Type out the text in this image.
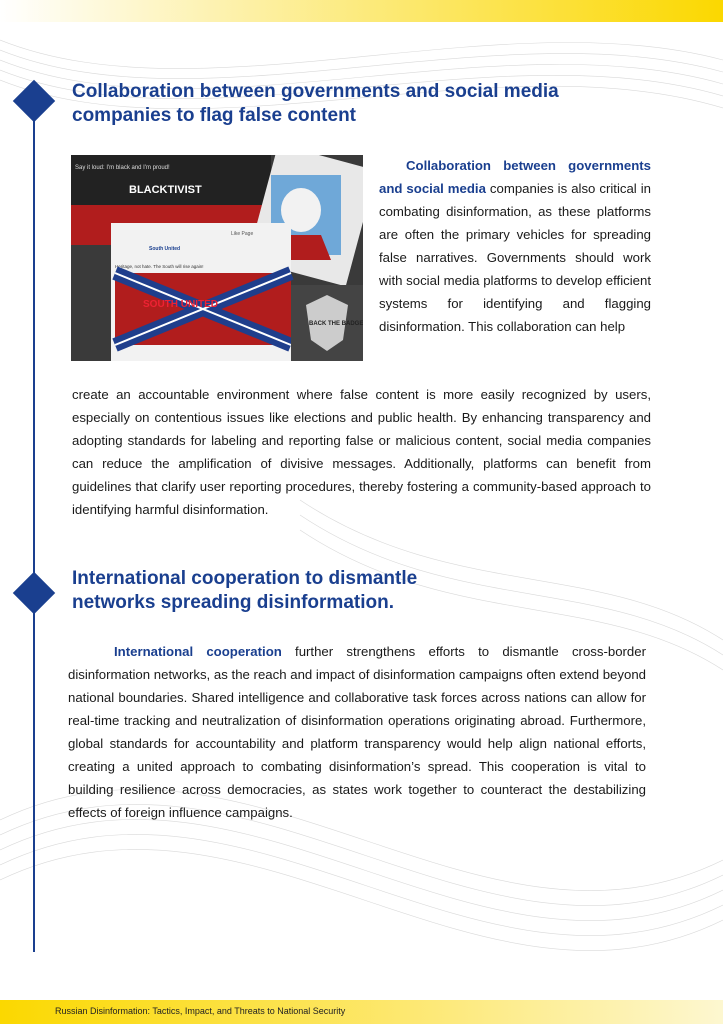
Collaboration between governments and social media companies to flag false content
Say it loud: I'm black and I'm proud!
BLACKTIVIST
South United
Like Page
Heritage, not hate. The South will rise again!
SOUTH UNITED
BACK THE BADGE

Collaboration between governments and social media companies is also critical in combating disinformation, as these platforms are often the primary vehicles for spreading false narratives. Governments should work with social media platforms to develop efficient systems for identifying and flagging disinformation. This collaboration can help

create an accountable environment where false content is more easily recognized by users, especially on contentious issues like elections and public health. By enhancing transparency and adopting standards for labeling and reporting false or malicious content, social media companies can reduce the amplification of divisive messages. Additionally, platforms can benefit from guidelines that clarify user reporting procedures, thereby fostering a community-based approach to identifying harmful disinformation.

International cooperation to dismantle networks spreading disinformation.

International cooperation further strengthens efforts to dismantle cross-border disinformation networks, as the reach and impact of disinformation campaigns often extend beyond national boundaries. Shared intelligence and collaborative task forces across nations can allow for real-time tracking and neutralization of disinformation operations originating abroad. Furthermore, global standards for accountability and platform transparency would help align national efforts, creating a united approach to combating disinformation’s spread. This cooperation is vital to building resilience across democracies, as states work together to counteract the destabilizing effects of foreign influence campaigns.

Russian Disinformation: Tactics, Impact, and Threats to National Security
